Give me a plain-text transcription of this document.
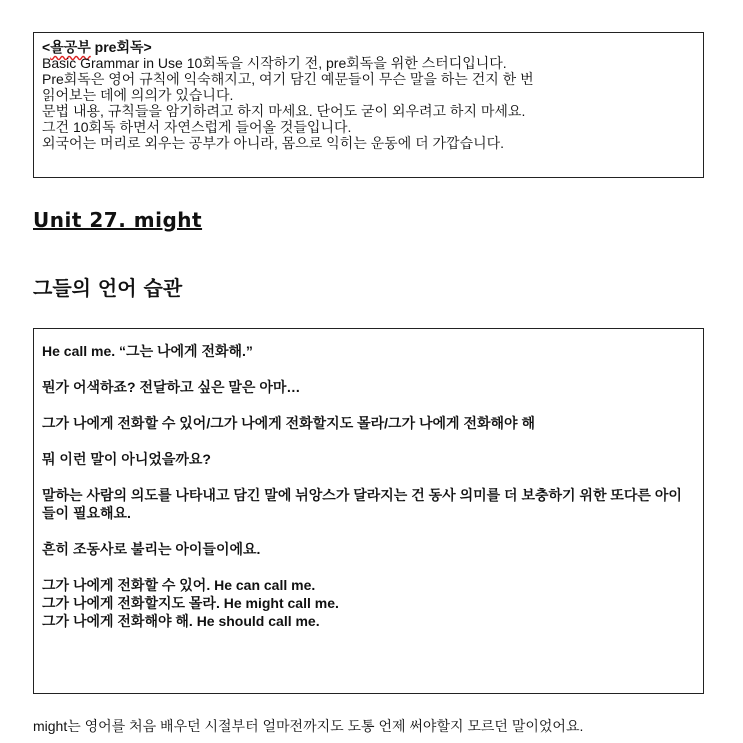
<욜공부 pre회독>
Basic Grammar in Use 10회독을 시작하기 전, pre회독을 위한 스터디입니다.
Pre회독은 영어 규칙에 익숙해지고, 여기 담긴 예문들이 무슨 말을 하는 건지 한 번
읽어보는 데에 의의가 있습니다.
문법 내용, 규칙들을 암기하려고 하지 마세요. 단어도 굳이 외우려고 하지 마세요.
그건 10회독 하면서 자연스럽게 들어올 것들입니다.
외국어는 머리로 외우는 공부가 아니라, 몸으로 익히는 운동에 더 가깝습니다.
Unit 27. might
그들의 언어 습관

He call me. “그는 나에게 전화해.”

뭔가 어색하죠? 전달하고 싶은 말은 아마…

그가 나에게 전화할 수 있어/그가 나에게 전화할지도 몰라/그가 나에게 전화해야 해

뭐 이런 말이 아니었을까요?

말하는 사람의 의도를 나타내고 담긴 말에 뉘앙스가 달라지는 건 동사 의미를 더 보충하기 위한 또다른 아이들이 필요해요.

흔히 조동사로 불리는 아이들이에요.

그가 나에게 전화할 수 있어. He can call me.

그가 나에게 전화할지도 몰라. He might call me.

그가 나에게 전화해야 해. He should call me.

might는 영어를 처음 배우던 시절부터 얼마전까지도 도통 언제 써야할지 모르던 말이었어요.
